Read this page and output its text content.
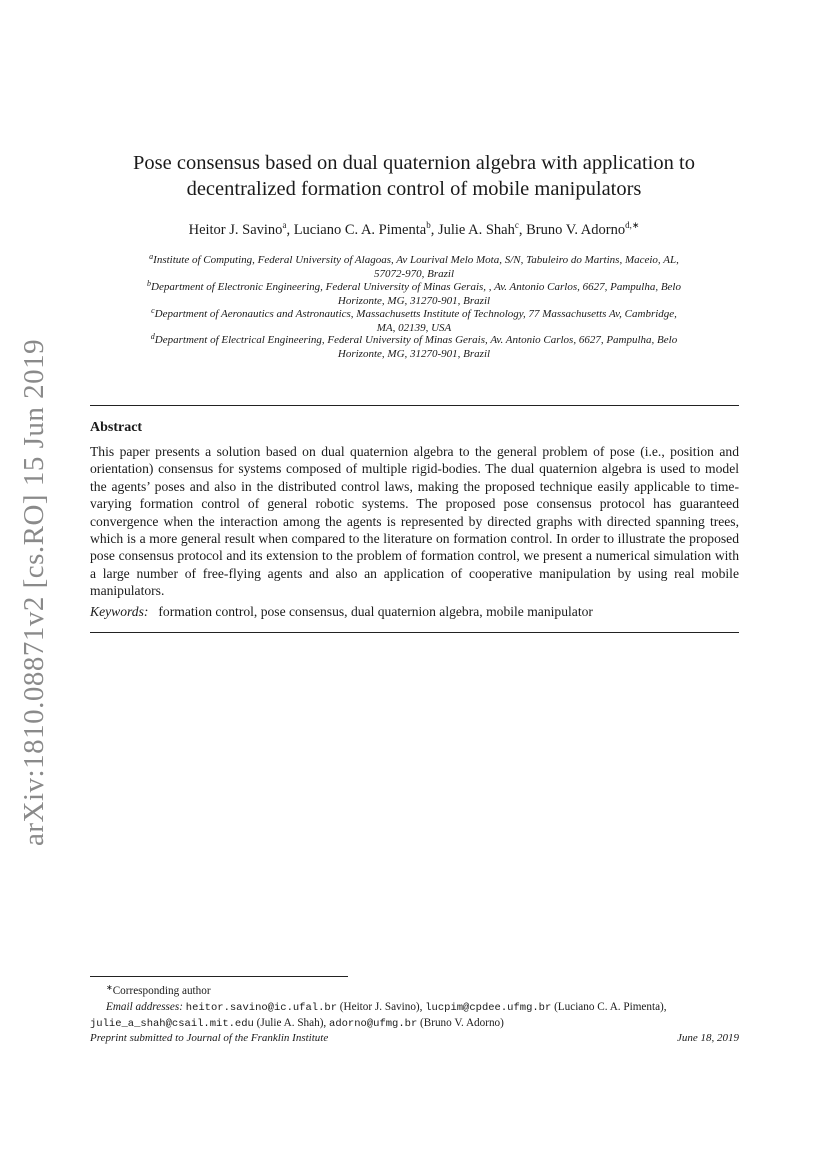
arXiv:1810.08871v2 [cs.RO] 15 Jun 2019
Pose consensus based on dual quaternion algebra with application to
decentralized formation control of mobile manipulators
Heitor J. Savino$^a$, Luciano C. A. Pimenta$^b$, Julie A. Shah$^c$, Bruno V. Adorno$^{d,∗}$
$^a$Institute of Computing, Federal University of Alagoas, Av Lourival Melo Mota, S/N, Tabuleiro do Martins, Maceio, AL,
57072-970, Brazil
$^b$Department of Electronic Engineering, Federal University of Minas Gerais, , Av. Antonio Carlos, 6627, Pampulha, Belo
Horizonte, MG, 31270-901, Brazil
$^c$Department of Aeronautics and Astronautics, Massachusetts Institute of Technology, 77 Massachusetts Av, Cambridge,
MA, 02139, USA
$^d$Department of Electrical Engineering, Federal University of Minas Gerais, Av. Antonio Carlos, 6627, Pampulha, Belo
Horizonte, MG, 31270-901, Brazil
Abstract

This paper presents a solution based on dual quaternion algebra to the general problem of pose (i.e., position and orientation) consensus for systems composed of multiple rigid-bodies. The dual quaternion algebra is used to model the agents’ poses and also in the distributed control laws, making the proposed technique easily applicable to time-varying formation control of general robotic systems. The proposed pose consensus protocol has guaranteed convergence when the interaction among the agents is represented by directed graphs with directed spanning trees, which is a more general result when compared to the literature on formation control. In order to illustrate the proposed pose consensus protocol and its extension to the problem of formation control, we present a numerical simulation with a large number of free-flying agents and also an application of cooperative manipulation by using real mobile manipulators.

Keywords: formation control, pose consensus, dual quaternion algebra, mobile manipulator
∗Corresponding author
Email addresses: heitor.savino@ic.ufal.br (Heitor J. Savino), lucpim@cpdee.ufmg.br (Luciano C. A. Pimenta),
julie_a_shah@csail.mit.edu (Julie A. Shah), adorno@ufmg.br (Bruno V. Adorno)
Preprint submitted to Journal of the Franklin Institute	June 18, 2019
